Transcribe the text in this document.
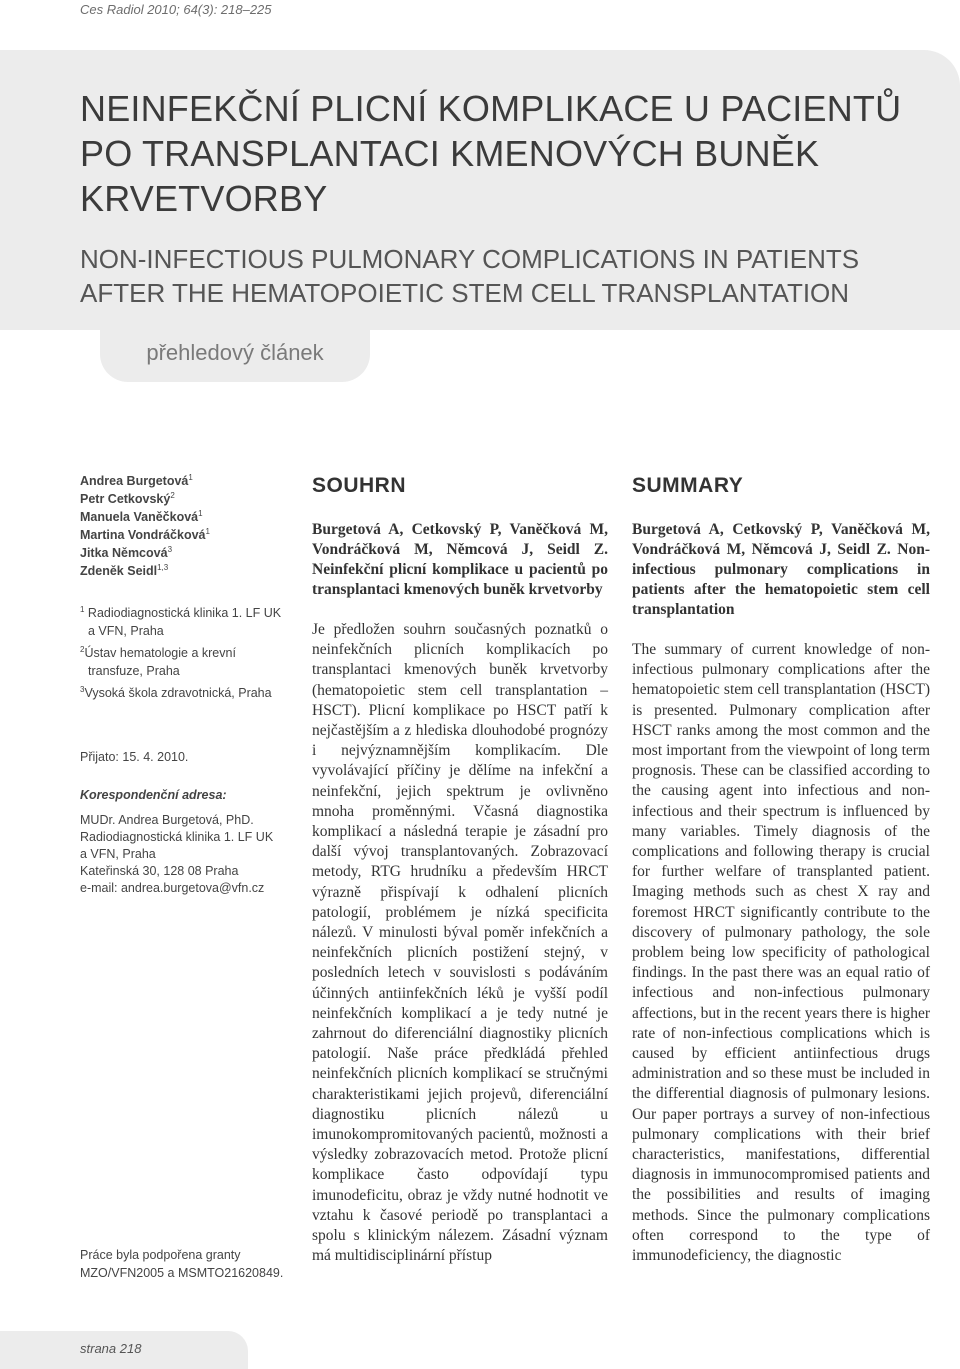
Ces Radiol 2010; 64(3): 218–225
NEINFEKČNÍ PLICNÍ KOMPLIKACE U PACIENTŮ PO TRANSPLANTACI KMENOVÝCH BUNĚK KRVETVORBY
NON-INFECTIOUS PULMONARY COMPLICATIONS IN PATIENTS AFTER THE HEMATOPOIETIC STEM CELL TRANSPLANTATION
přehledový článek
Andrea Burgetová$^1$
Petr Cetkovský$^2$
Manuela Vaněčková$^1$
Martina Vondráčková$^1$
Jitka Němcová$^3$
Zdeněk Seidl$^{1,3}$

$^1$ Radiodiagnostická klinika 1. LF UK
a VFN, Praha

$^2$Ústav hematologie a krevní
transfuze, Praha

$^3$Vysoká škola zdravotnická, Praha

Přijato: 15. 4. 2010.

Korespondenční adresa:

MUDr. Andrea Burgetová, PhD.
Radiodiagnostická klinika 1. LF UK
a VFN, Praha
Kateřinská 30, 128 08 Praha
e-mail: andrea.burgetova@vfn.cz

Práce byla podpořena granty
MZO/VFN2005 a MSMTO21620849.

SOUHRN

Burgetová A, Cetkovský P, Vaněčková M, Vondráčková M, Němcová J, Seidl Z. Neinfekční plicní komplikace u pacientů po transplantaci kmenových buněk krvetvorby

Je předložen souhrn současných poznatků o neinfekčních plicních komplikacích po transplantaci kmenových buněk krvetvorby (hematopoietic stem cell transplantation – HSCT). Plicní komplikace po HSCT patří k nejčastějším a z hlediska dlouhodobé prognózy i nejvýznamnějším komplikacím. Dle vyvolávající příčiny je dělíme na infekční a neinfekční, jejich spektrum je ovlivněno mnoha proměnnými. Včasná diagnostika komplikací a následná terapie je zásadní pro další vývoj transplantovaných. Zobrazovací metody, RTG hrudníku a především HRCT výrazně přispívají k odhalení plicních patologií, problémem je nízká specificita nálezů. V minulosti býval poměr infekčních a neinfekčních plicních postižení stejný, v posledních letech v souvislosti s podáváním účinných antiinfekčních léků je vyšší podíl neinfekčních komplikací a je tedy nutné je zahrnout do diferenciální diagnostiky plicních patologií. Naše práce předkládá přehled neinfekčních plicních komplikací se stručnými charakteristikami jejich projevů, diferenciální diagnostiku plicních nálezů u imunokompromitovaných pacientů, možnosti a výsledky zobrazovacích metod. Protože plicní komplikace často odpovídají typu imunodeficitu, obraz je vždy nutné hodnotit ve vztahu k časové periodě po transplantaci a spolu s klinickým nálezem. Zásadní význam má multidisciplinární přístup

SUMMARY

Burgetová A, Cetkovský P, Vaněčková M, Vondráčková M, Němcová J, Seidl Z. Non-infectious pulmonary complications in patients after the hematopoietic stem cell transplantation

The summary of current knowledge of non-infectious pulmonary complications after the hematopoietic stem cell transplantation (HSCT) is presented. Pulmonary complication after HSCT ranks among the most common and the most important from the viewpoint of long term prognosis. These can be classified according to the causing agent into infectious and non-infectious and their spectrum is influenced by many variables. Timely diagnosis of the complications and following therapy is crucial for further welfare of transplanted patient. Imaging methods such as chest X ray and foremost HRCT significantly contribute to the discovery of pulmonary pathology, the sole problem being low specificity of pathological findings. In the past there was an equal ratio of infectious and non-infectious pulmonary affections, but in the recent years there is higher rate of non-infectious complications which is caused by efficient antiinfectious drugs administration and so these must be included in the differential diagnosis of pulmonary lesions. Our paper portrays a survey of non-infectious pulmonary complications with their brief characteristics, manifestations, differential diagnosis in immunocompromised patients and the possibilities and results of imaging methods. Since the pulmonary complications often correspond to the type of immunodeficiency, the diagnostic

strana 218
